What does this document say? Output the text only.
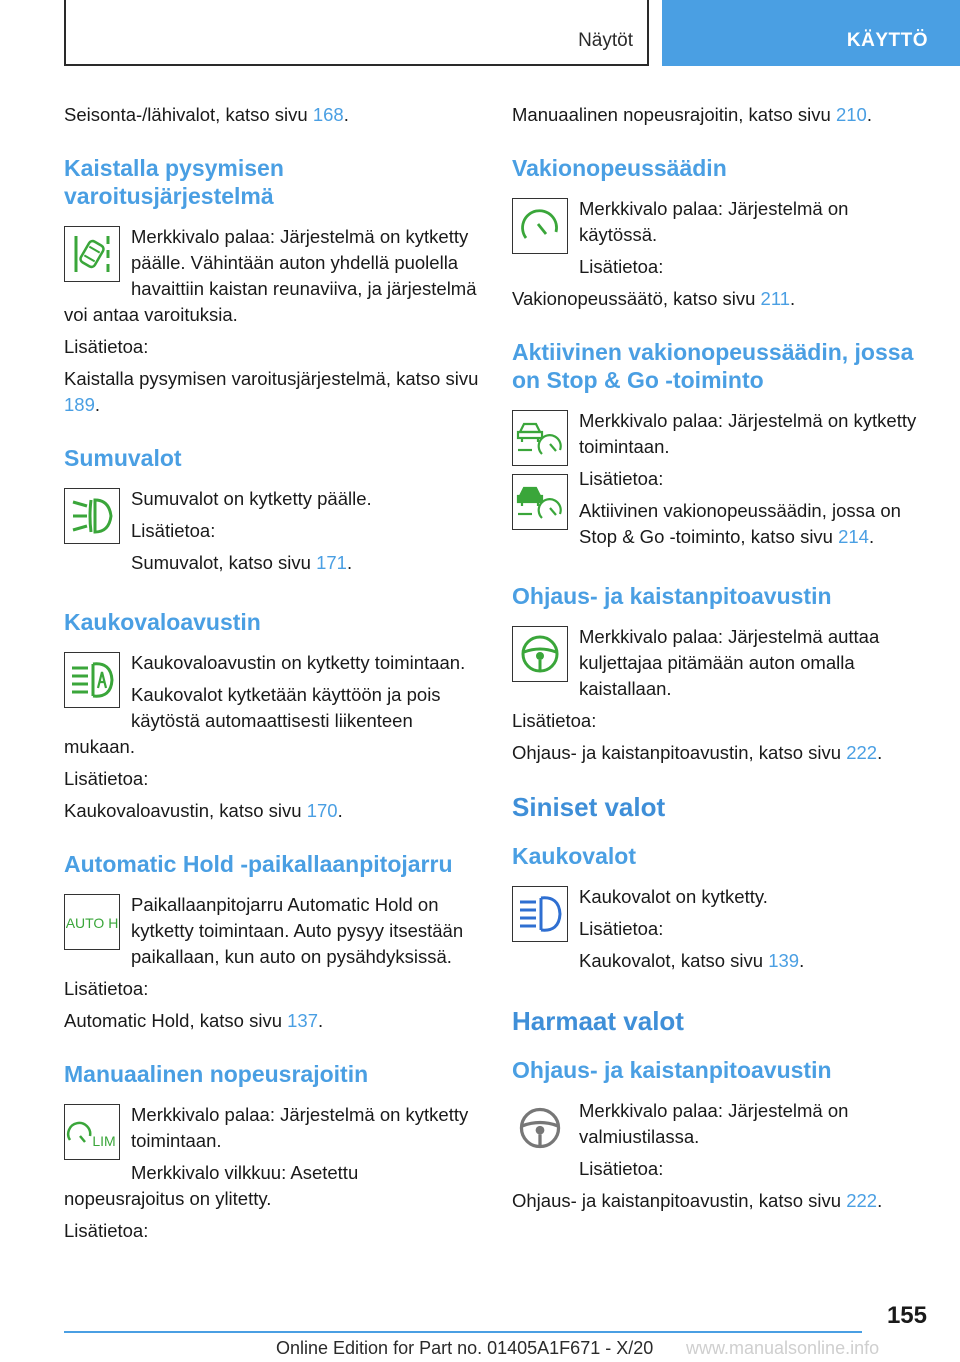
Näytöt	KÄYTTÖ

Seisonta-/lähivalot, katso sivu 168.

Kaistalla pysymisen varoitusjärjestelmä

Merkkivalo palaa: Järjestelmä on kytketty päälle. Vähintään auton yhdellä puolella havaittiin kaistan reunaviiva, ja järjestelmä voi antaa varoituksia.

Lisätietoa:

Kaistalla pysymisen varoitusjärjestelmä, katso sivu 189.

Sumuvalot

Sumuvalot on kytketty päälle.

Lisätietoa:

Sumuvalot, katso sivu 171.

Kaukovaloavustin

Kaukovaloavustin on kytketty toimintaan.

Kaukovalot kytketään käyttöön ja pois käytöstä automaattisesti liikenteen mukaan.

Lisätietoa:

Kaukovaloavustin, katso sivu 170.

Automatic Hold -paikallaanpitojarru
AUTO H

Paikallaanpitojarru Automatic Hold on kytketty toimintaan. Auto pysyy itsestään paikallaan, kun auto on pysähdyksissä.

Lisätietoa:

Automatic Hold, katso sivu 137.

Manuaalinen nopeusrajoitin
LIM

Merkkivalo palaa: Järjestelmä on kytketty toimintaan.

Merkkivalo vilkkuu: Asetettu nopeusrajoitus on ylitetty.

Lisätietoa:

Manuaalinen nopeusrajoitin, katso sivu 210.

Vakionopeussäädin

Merkkivalo palaa: Järjestelmä on käytössä.

Lisätietoa:

Vakionopeussäätö, katso sivu 211.

Aktiivinen vakionopeussäädin, jossa on Stop & Go -toiminto

Merkkivalo palaa: Järjestelmä on kytketty toimintaan.

Lisätietoa:

Aktiivinen vakionopeussäädin, jossa on Stop & Go -toiminto, katso sivu 214.

Ohjaus- ja kaistanpitoavustin

Merkkivalo palaa: Järjestelmä auttaa kuljettajaa pitämään auton omalla kaistallaan.

Lisätietoa:

Ohjaus- ja kaistanpitoavustin, katso sivu 222.

Siniset valot
Kaukovalot

Kaukovalot on kytketty.

Lisätietoa:

Kaukovalot, katso sivu 139.

Harmaat valot
Ohjaus- ja kaistanpitoavustin

Merkkivalo palaa: Järjestelmä on valmiustilassa.

Lisätietoa:

Ohjaus- ja kaistanpitoavustin, katso sivu 222.

155
Online Edition for Part no. 01405A1F671 - X/20 www.manualsonline.info
